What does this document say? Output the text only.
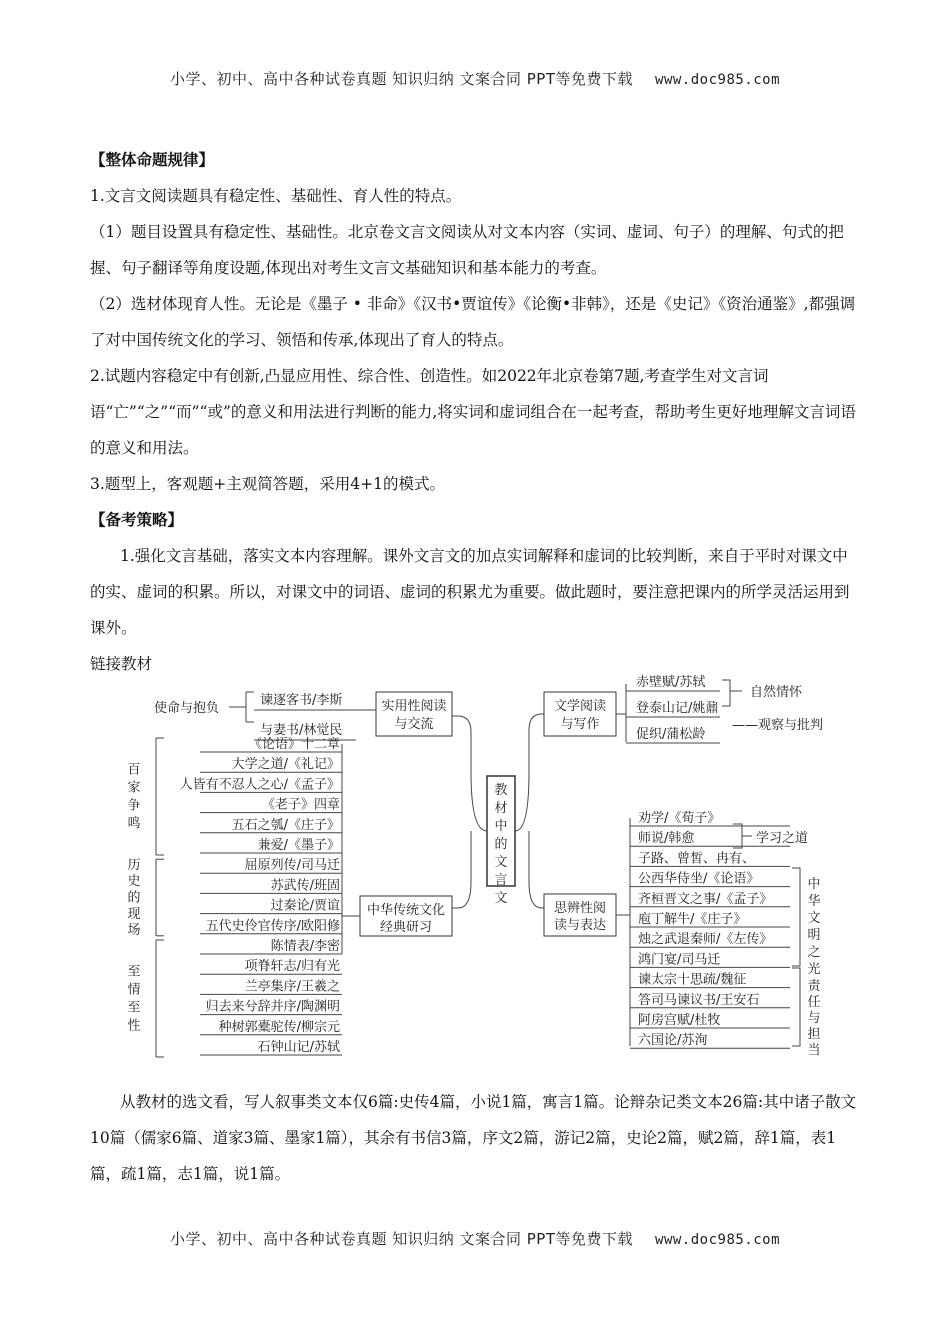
小学、初中、高中各种试卷真题 知识归纳 文案合同 PPT等免费下载 www.doc985.com

【整体命题规律】

1.文言文阅读题具有稳定性、基础性、育人性的特点。

（1）题目设置具有稳定性、基础性。北京卷文言文阅读从对文本内容（实词、虚词、句子）的理解、句式的把握、句子翻译等角度设题,体现出对考生文言文基础知识和基本能力的考查。

（2）选材体现育人性。无论是《墨子 • 非命》《汉书•贾谊传》《论衡•非韩》，还是《史记》《资治通鉴》,都强调了对中国传统文化的学习、领悟和传承,体现出了育人的特点。

2.试题内容稳定中有创新,凸显应用性、综合性、创造性。如2022年北京卷第7题,考查学生对文言词语“亡”“之”“而”“或”的意义和用法进行判断的能力,将实词和虚词组合在一起考查，帮助考生更好地理解文言词语的意义和用法。

3.题型上，客观题+主观简答题，采用4+1的模式。

【备考策略】

1.强化文言基础，落实文本内容理解。课外文言文的加点实词解释和虚词的比较判断，来自于平时对课文中的实、虚词的积累。所以，对课文中的词语、虚词的积累尤为重要。做此题时，要注意把课内的所学灵活运用到课外。

链接教材

教材中的文言文
实用性阅读
与交流
使命与抱负
谏逐客书/李斯
与妻书/林觉民
中华传统文化
经典研习
《论语》十二章
大学之道/《礼记》
人皆有不忍人之心/《孟子》
《老子》四章
五石之瓠/《庄子》
兼爱/《墨子》
屈原列传/司马迁
苏武传/班固
过秦论/贾谊
五代史伶官传序/欧阳修
陈情表/李密
项脊轩志/归有光
兰亭集序/王羲之
归去来兮辞并序/陶渊明
种树郭橐驼传/柳宗元
石钟山记/苏轼
百家争鸣
历史的现场
至情至性
文学阅读
与写作
赤壁赋/苏轼
登泰山记/姚鼐
促织/蒲松龄
自然情怀
——观察与批判
思辨性阅
读与表达
劝学/《荀子》
师说/韩愈
子路、曾皙、冉有、
公西华侍坐/《论语》
齐桓晋文之事/《孟子》
庖丁解牛/《庄子》
烛之武退秦师/《左传》
鸿门宴/司马迁
谏太宗十思疏/魏征
答司马谏议书/王安石
阿房宫赋/杜牧
六国论/苏洵
学习之道
中华文明之光
责任与担当

从教材的选文看，写人叙事类文本仅6篇:史传4篇，小说1篇，寓言1篇。论辩杂记类文本26篇:其中诸子散文10篇（儒家6篇、道家3篇、墨家1篇），其余有书信3篇，序文2篇，游记2篇，史论2篇，赋2篇，辞1篇，表1篇，疏1篇，志1篇，说1篇。

小学、初中、高中各种试卷真题 知识归纳 文案合同 PPT等免费下载 www.doc985.com
